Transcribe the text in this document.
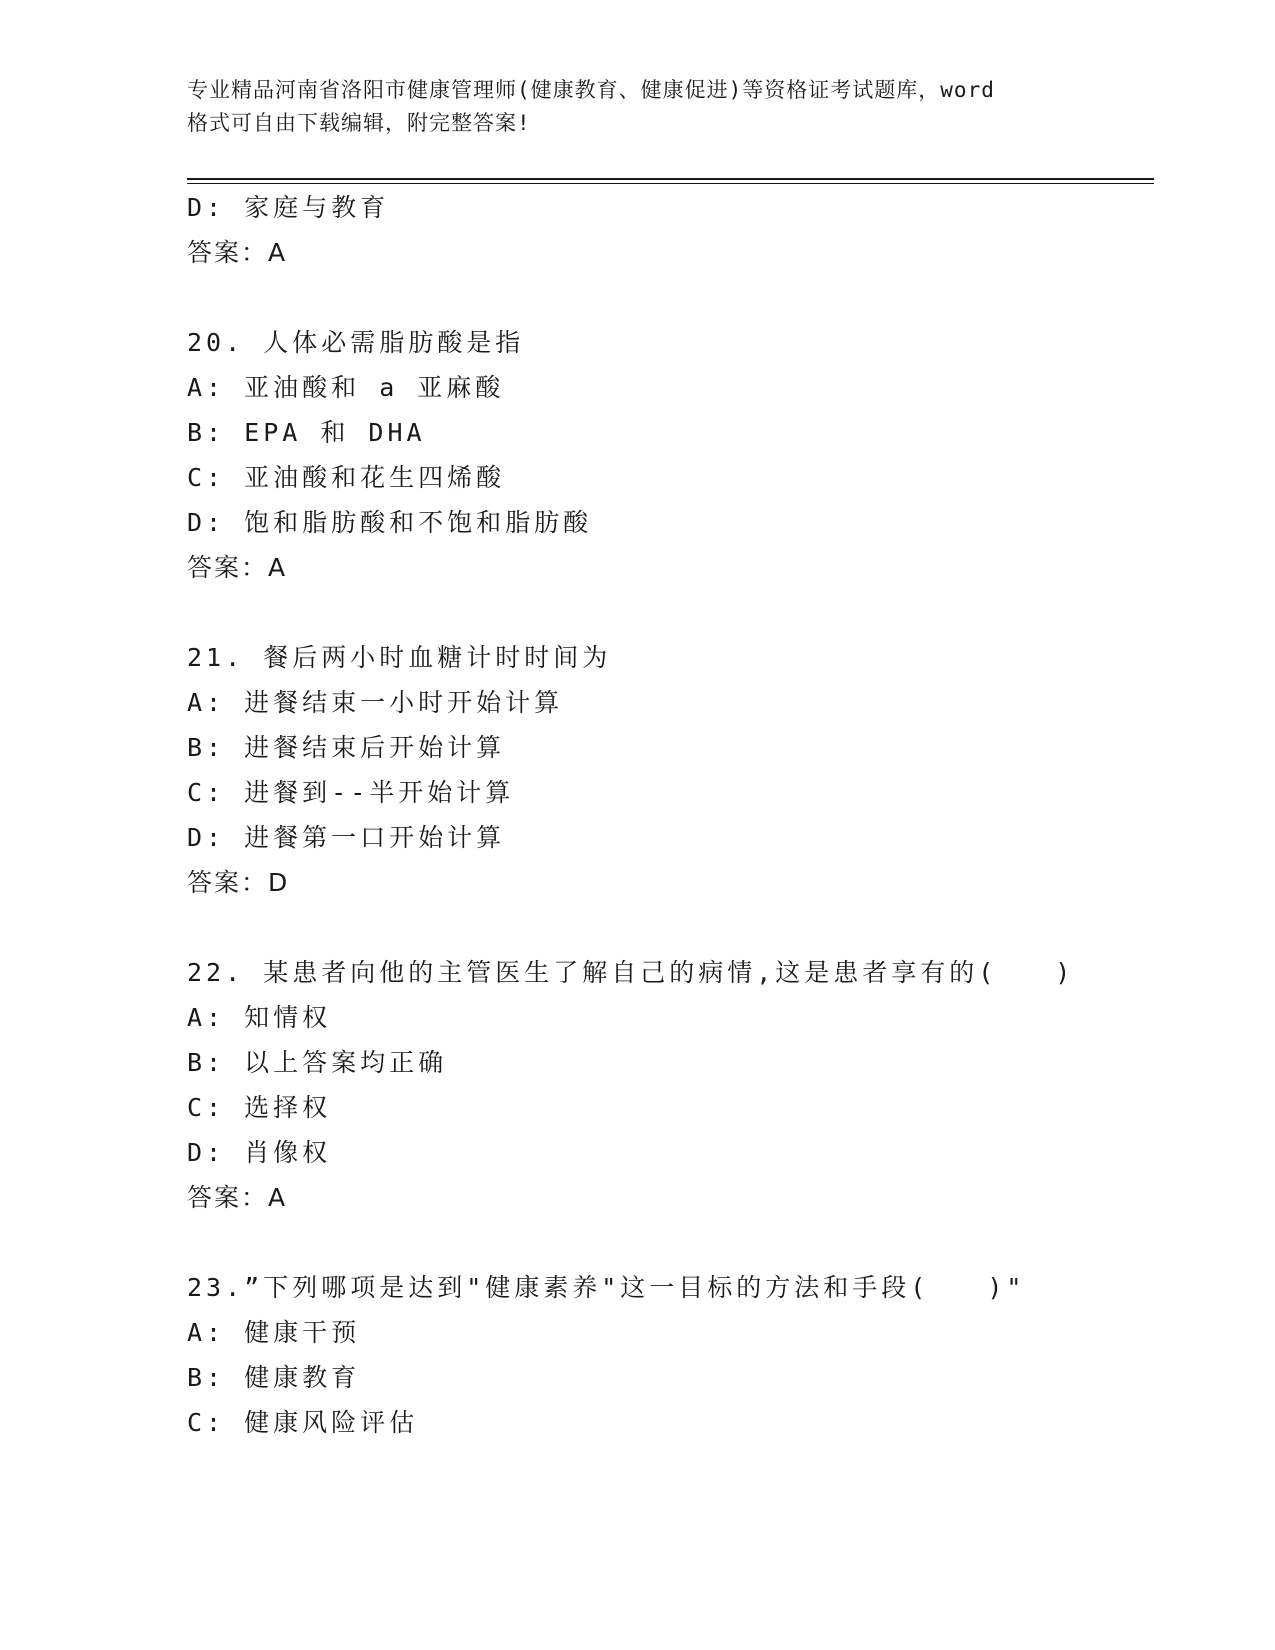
专业精品河南省洛阳市健康管理师(健康教育、健康促进)等资格证考试题库，word
格式可自由下载编辑，附完整答案!
D: 家庭与教育
答案：A
20. 人体必需脂肪酸是指
A: 亚油酸和 a 亚麻酸
B: EPA 和 DHA
C: 亚油酸和花生四烯酸
D: 饱和脂肪酸和不饱和脂肪酸
答案：A
21. 餐后两小时血糖计时时间为
A: 进餐结束一小时开始计算
B: 进餐结束后开始计算
C: 进餐到--半开始计算
D: 进餐第一口开始计算
答案：D
22. 某患者向他的主管医生了解自己的病情,这是患者享有的(　　)
A: 知情权
B: 以上答案均正确
C: 选择权
D: 肖像权
答案：A
23.”下列哪项是达到"健康素养"这一目标的方法和手段(　　)"
A: 健康干预
B: 健康教育
C: 健康风险评估
